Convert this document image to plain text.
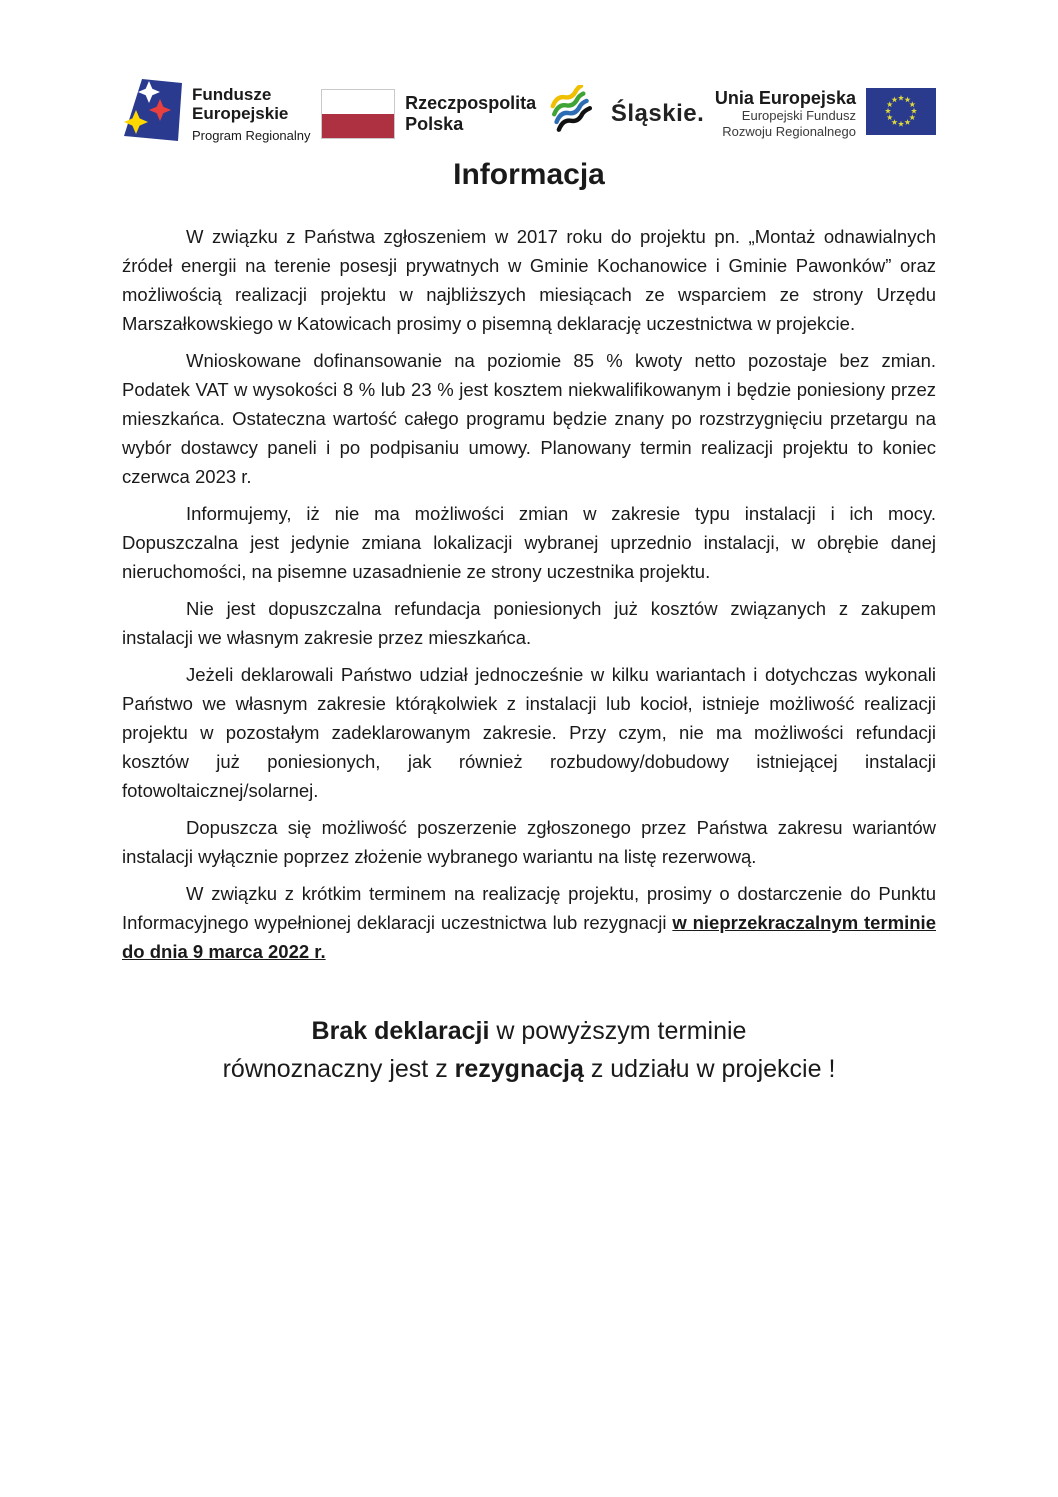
Fundusze
Europejskie
Program Regionalny
Rzeczpospolita
Polska	Śląskie.
Unia Europejska
Europejski Fundusz
Rozwoju Regionalnego
Informacja

W związku z Państwa zgłoszeniem w 2017 roku do projektu pn. „Montaż odnawialnych źródeł energii na terenie posesji prywatnych w Gminie Kochanowice i Gminie Pawonków” oraz możliwością realizacji projektu w najbliższych miesiącach ze wsparciem ze strony Urzędu Marszałkowskiego w Katowicach prosimy o pisemną deklarację uczestnictwa w projekcie.

Wnioskowane dofinansowanie na poziomie 85 % kwoty netto pozostaje bez zmian. Podatek VAT w wysokości 8 % lub 23 % jest kosztem niekwalifikowanym i będzie poniesiony przez mieszkańca. Ostateczna wartość całego programu będzie znany po rozstrzygnięciu przetargu na wybór dostawcy paneli i po podpisaniu umowy. Planowany termin realizacji projektu to koniec czerwca 2023 r.

Informujemy, iż nie ma możliwości zmian w zakresie typu instalacji i ich mocy. Dopuszczalna jest jedynie zmiana lokalizacji wybranej uprzednio instalacji, w obrębie danej nieruchomości, na pisemne uzasadnienie ze strony uczestnika projektu.

Nie jest dopuszczalna refundacja poniesionych już kosztów związanych z zakupem instalacji we własnym zakresie przez mieszkańca.

Jeżeli deklarowali Państwo udział jednocześnie w kilku wariantach i dotychczas wykonali Państwo we własnym zakresie którąkolwiek z instalacji lub kocioł, istnieje możliwość realizacji projektu w pozostałym zadeklarowanym zakresie. Przy czym, nie ma możliwości refundacji kosztów już poniesionych, jak również rozbudowy/dobudowy istniejącej instalacji fotowoltaicznej/solarnej.

Dopuszcza się możliwość poszerzenie zgłoszonego przez Państwa zakresu wariantów instalacji wyłącznie poprzez złożenie wybranego wariantu na listę rezerwową.

W związku z krótkim terminem na realizację projektu, prosimy o dostarczenie do Punktu Informacyjnego wypełnionej deklaracji uczestnictwa lub rezygnacji w nieprzekraczalnym terminie do dnia 9 marca 2022 r.

Brak deklaracji w powyższym terminie
równoznaczny jest z rezygnacją z udziału w projekcie !
